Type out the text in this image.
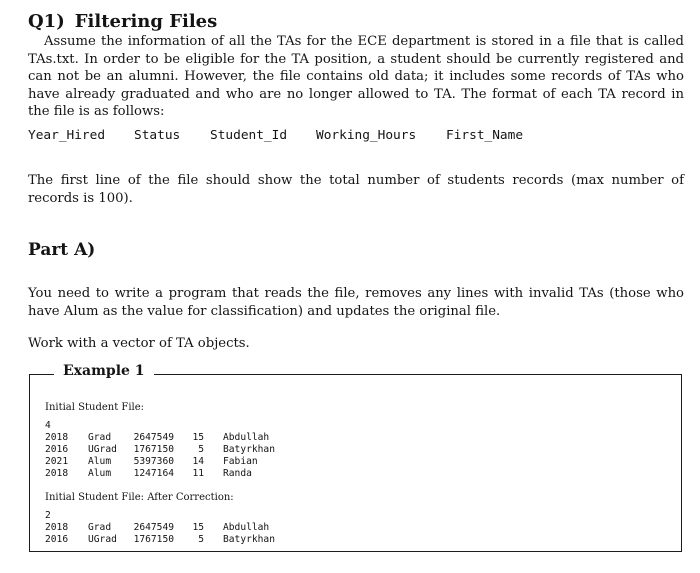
Q1) Filtering Files

Assume the information of all the TAs for the ECE department is stored in a file that is called TAs.txt. In order to be eligible for the TA position, a student should be currently registered and can not be an alumni. However, the file contains old data; it includes some records of TAs who have already graduated and who are no longer allowed to TA. The format of each TA record in the file is as follows:

Year_Hired Status Student_Id Working_Hours First_Name

The first line of the file should show the total number of students records (max number of records is 100).

Part A)

You need to write a program that reads the file, removes any lines with invalid TAs (those who have Alum as the value for classification) and updates the original file.

Work with a vector of TA objects.

Example 1
Initial Student File:
4
2018 Grad	2647549	15 Abdullah
2016 UGrad	1767150	5 Batyrkhan
2021 Alum	5397360	14 Fabian
2018 Alum	1247164	11 Randa
Initial Student File: After Correction:
2
2018 Grad	2647549	15 Abdullah
2016 UGrad	1767150	5 Batyrkhan
